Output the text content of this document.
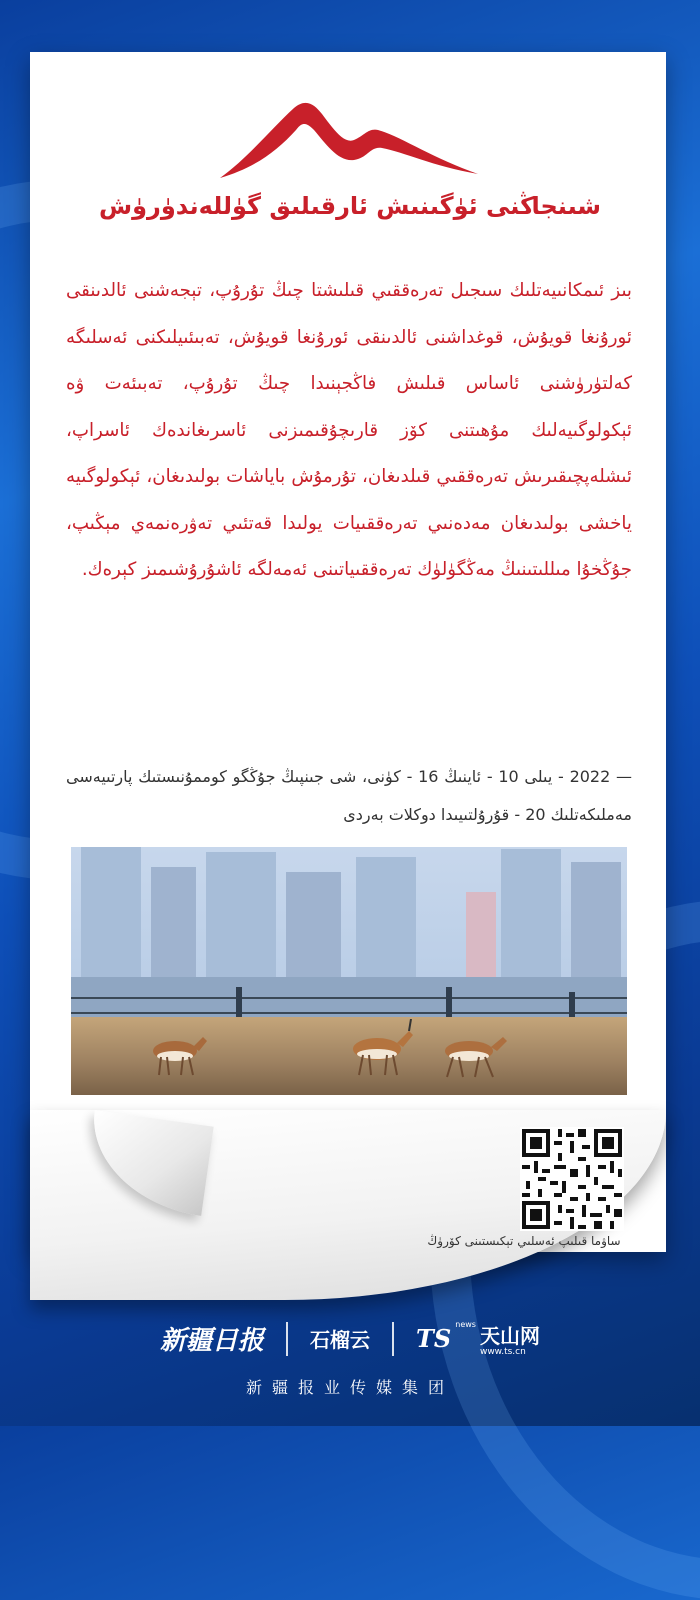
شىنجاڭنى ئۈگىنىش ئارقىلىق گۈللەندۈرۈش
بىز ئىمكانىيەتلىك سىجىل تەرەققىي قىلىشتا چىڭ تۇرۇپ، تېجەشنى ئالدىنقى ئورۇنغا قويۇش، قوغداشنى ئالدىنقى ئورۇنغا قويۇش، تەبىئىيلىكنى ئەسلىگە كەلتۈرۈشنى ئاساس قىلىش فاڭجېنىدا چىڭ تۇرۇپ، تەبىئەت ۋە ئېكولوگىيەلىك مۇھىتنى كۆز قارىچۇقىمىزنى ئاسرىغاندەك ئاسراپ، ئىشلەپچىقىرىش تەرەققىي قىلدىغان، تۇرمۇش باياشات بولىدىغان، ئېكولوگىيە ياخشى بولىدىغان مەدەنىي تەرەققىيات يولىدا قەتئىي تەۋرەنمەي مېڭىپ، جۇڭخۇا مىللىتىنىڭ مەڭگۈلۈك تەرەققىياتىنى ئەمەلگە ئاشۇرۇشىمىز كېرەك.
— 2022 - يىلى 10 - ئاينىڭ 16 - كۈنى، شى جىنپىڭ جۇڭگو كوممۇنىستىك پارتىيەسى مەملىكەتلىك 20 - قۇرۇلتىيىدا دوكلات بەردى
ساۋما قىلىپ ئەسلىي تېكىستىنى كۆرۈڭ
新疆日报 石榴云 TS news 天山网
www.ts.cn
新疆报业传媒集团
